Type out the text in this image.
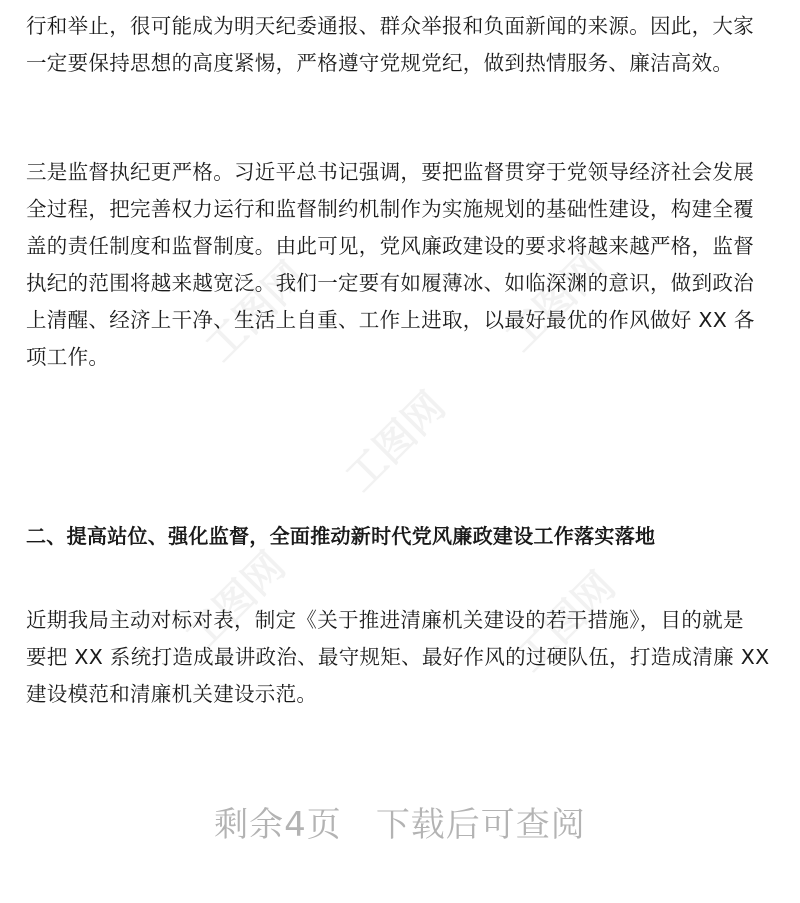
行和举止，很可能成为明天纪委通报、群众举报和负面新闻的来源。因此，大家
一定要保持思想的高度紧惕，严格遵守党规党纪，做到热情服务、廉洁高效。

三是监督执纪更严格。习近平总书记强调，要把监督贯穿于党领导经济社会发展
全过程，把完善权力运行和监督制约机制作为实施规划的基础性建设，构建全覆
盖的责任制度和监督制度。由此可见，党风廉政建设的要求将越来越严格，监督
执纪的范围将越来越宽泛。我们一定要有如履薄冰、如临深渊的意识，做到政治
上清醒、经济上干净、生活上自重、工作上进取，以最好最优的作风做好 XX 各
项工作。

二、提高站位、强化监督，全面推动新时代党风廉政建设工作落实落地

近期我局主动对标对表，制定《关于推进清廉机关建设的若干措施》，目的就是
要把 XX 系统打造成最讲政治、最守规矩、最好作风的过硬队伍，打造成清廉 XX
建设模范和清廉机关建设示范。

剩余4页 下载后可查阅
工图网	工图网
工图网
工图网	工图网
